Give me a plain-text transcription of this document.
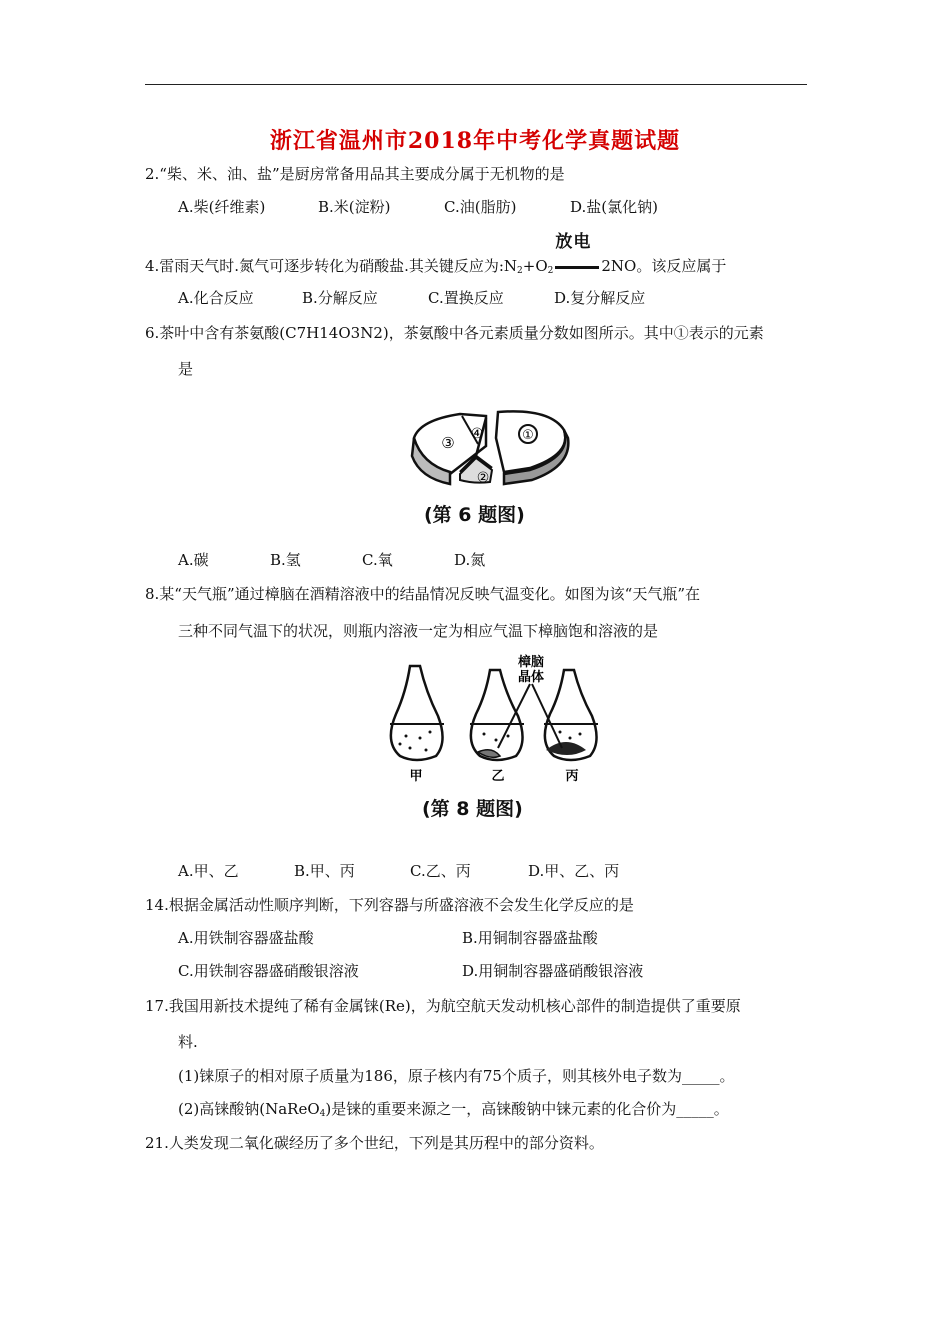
浙江省温州市2018年中考化学真题试题
2.“柴、米、油、盐”是厨房常备用品其主要成分属于无机物的是
A.柴(纤维素)	B.米(淀粉)	C.油(脂肪)	D.盐(氯化钠)
4.雷雨天气时.氮气可逐步转化为硝酸盐.其关键反应为$:N_2+O_2$
放电
2NO。该反应属于
A.化合反应	B.分解反应	C.置换反应	D.复分解反应
6.茶叶中含有茶氨酸(C7H14O3N2)，茶氨酸中各元素质量分数如图所示。其中①表示的元素
是
①
②
③ ④
(第 6 题图)
A.碳	B.氢	C.氧	D.氮
8.某“天气瓶”通过樟脑在酒精溶液中的结晶情况反映气温变化。如图为该“天气瓶”在
三种不同气温下的状况，则瓶内溶液一定为相应气温下樟脑饱和溶液的是
樟脑
晶体
甲	乙	丙
(第 8 题图)
A.甲、乙	B.甲、丙	C.乙、丙	D.甲、乙、丙
14.根据金属活动性顺序判断，下列容器与所盛溶液不会发生化学反应的是
A.用铁制容器盛盐酸	B.用铜制容器盛盐酸
C.用铁制容器盛硝酸银溶液	D.用铜制容器盛硝酸银溶液
17.我国用新技术提纯了稀有金属铼(Re)，为航空航天发动机核心部件的制造提供了重要原
料.
(1)铼原子的相对原子质量为186，原子核内有75个质子，则其核外电子数为_____。
(2)高铼酸钠(NaReO$_4$)是铼的重要来源之一，高铼酸钠中铼元素的化合价为_____。
21.人类发现二氧化碳经历了多个世纪，下列是其历程中的部分资料。
